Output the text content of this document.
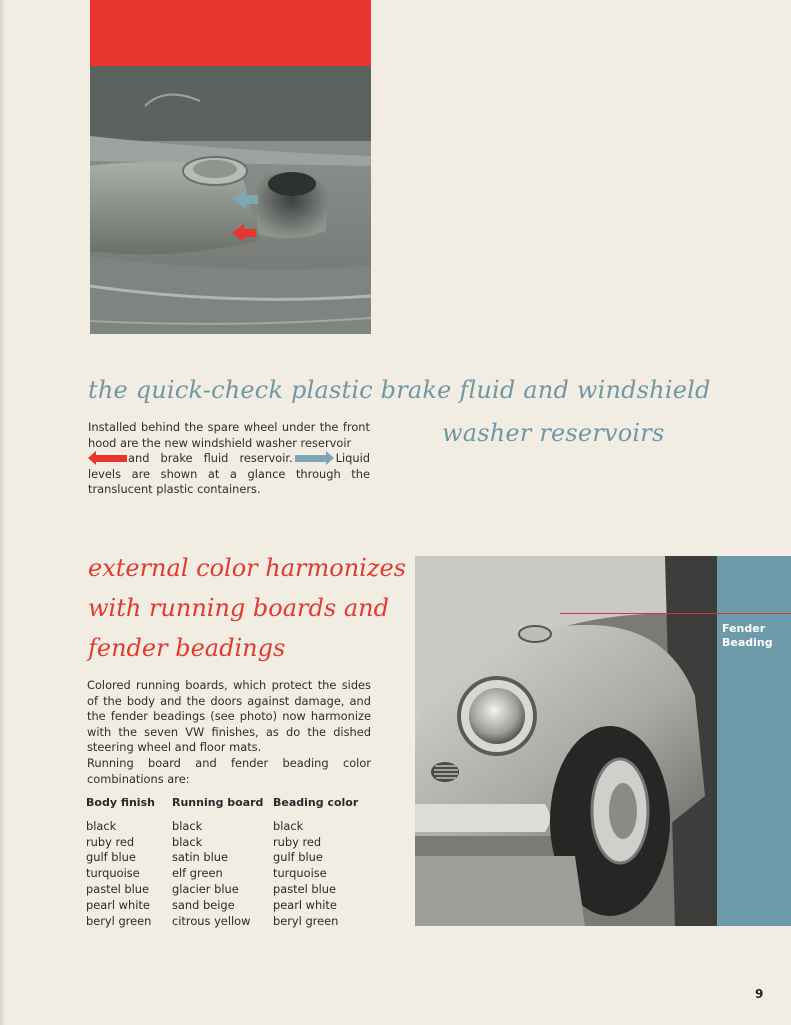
the quick-check plastic brake fluid and windshield
washer reservoirs
Installed behind the spare wheel under the front hood are the new windshield washer reservoir
and brake fluid reservoir.	Liquid levels are shown at a glance through the translucent plastic containers.
external color harmonizes
with running boards and
fender beadings
Colored running boards, which protect the sides of the body and the doors against damage, and the fender beadings (see photo) now harmonize with the seven VW finishes, as do the dished steering wheel and floor mats.
Running board and fender beading color combinations are:
Body finish
black
ruby red
gulf blue
turquoise
pastel blue
pearl white
beryl green
Running board
black
black
satin blue
elf green
glacier blue
sand beige
citrous yellow
Beading color
black
ruby red
gulf blue
turquoise
pastel blue
pearl white
beryl green
Fender
Beading
9
